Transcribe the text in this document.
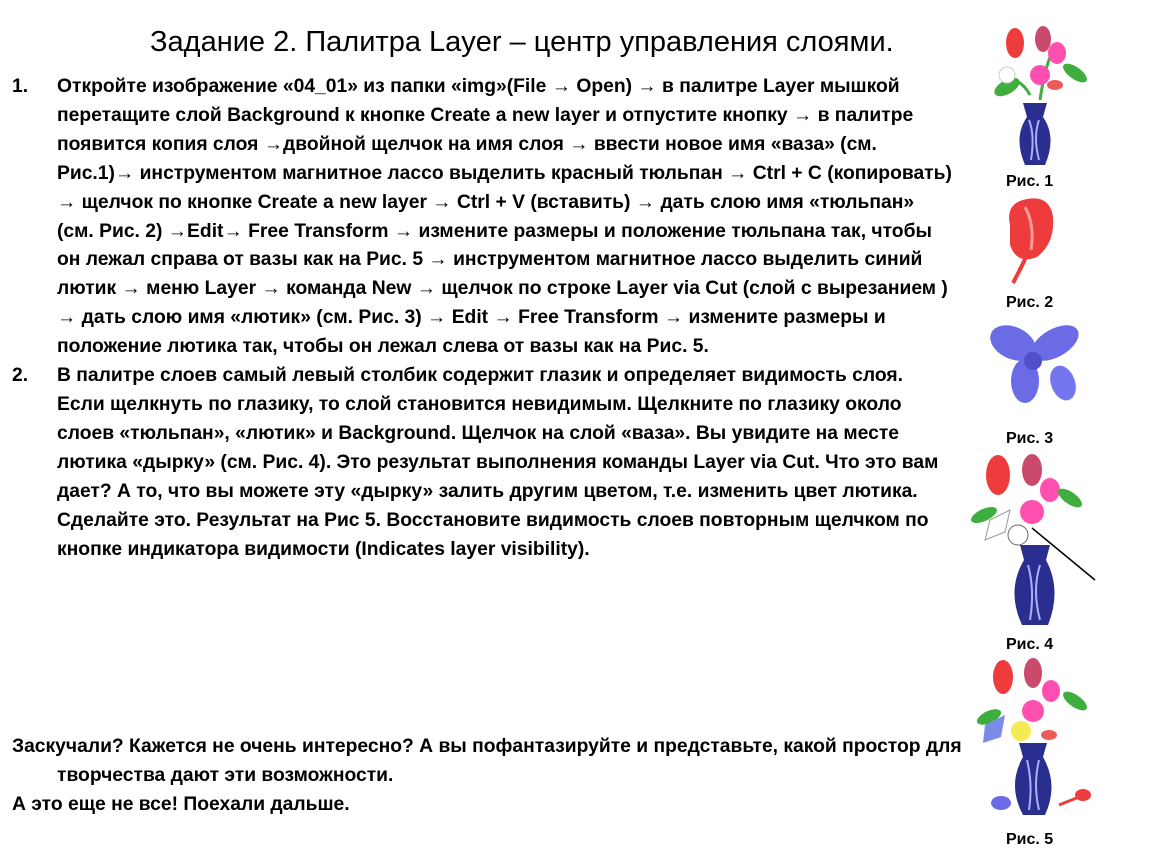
Задание 2. Палитра Layer – центр управления слоями.
1. Откройте изображение «04_01» из папки «img»(File → Open) → в палитре Layer мышкой перетащите слой Background к кнопке Create a new layer и отпустите кнопку → в палитре появится копия слоя →двойной щелчок на имя слоя → ввести новое имя «ваза» (см. Рис.1)→ инструментом магнитное лассо выделить красный тюльпан → Ctrl + C (копировать) → щелчок по кнопке Create a new layer → Ctrl + V (вставить) → дать слою имя «тюльпан» (см. Рис. 2) →Edit→ Free Transform → измените размеры и положение тюльпана так, чтобы он лежал справа от вазы как на Рис. 5 → инструментом магнитное лассо выделить синий лютик → меню Layer → команда New → щелчок по строке Layer via Cut (слой с вырезанием ) → дать слою имя «лютик» (см. Рис. 3) → Edit → Free Transform → измените размеры и положение лютика так, чтобы он лежал слева от вазы как на Рис. 5.
2. В палитре слоев самый левый столбик содержит глазик и определяет видимость слоя. Если щелкнуть по глазику, то слой становится невидимым. Щелкните по глазику около слоев «тюльпан», «лютик» и Background. Щелчок на слой «ваза». Вы увидите на месте лютика «дырку» (см. Рис. 4). Это результат выполнения команды Layer via Cut. Что это вам дает? А то, что вы можете эту «дырку» залить другим цветом, т.е. изменить цвет лютика. Сделайте это. Результат на Рис 5. Восстановите видимость слоев повторным щелчком по кнопке индикатора видимости (Indicates layer visibility).
Заскучали? Кажется не очень интересно? А вы пофантазируйте и представьте, какой простор для творчества дают эти возможности.
А это еще не все! Поехали дальше.
Рис. 1
Рис. 2
Рис. 3
Рис. 4
Рис. 5
